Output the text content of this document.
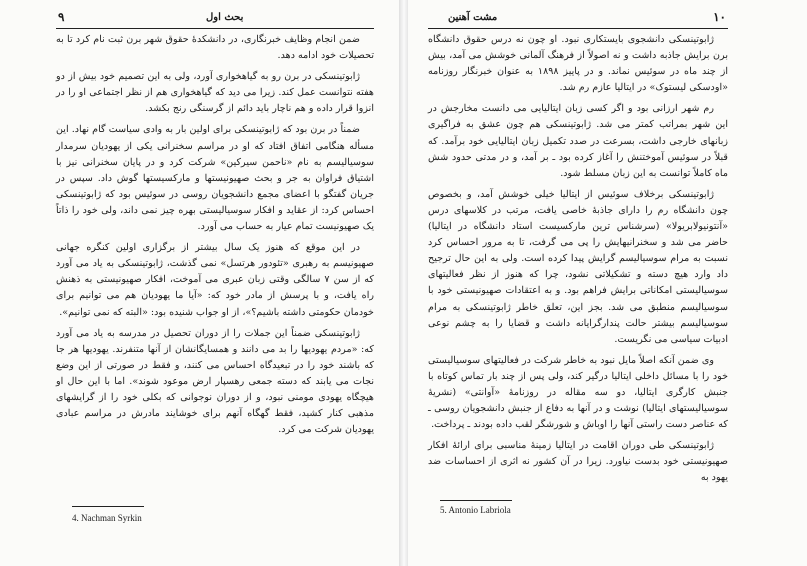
۹	بحث اول

ضمن انجام وظایف خبرنگاری، در دانشکدهٔ حقوق شهر برن ثبت نام کرد تا به تحصیلات خود ادامه دهد.

ژابوتینسکی در برن رو به گیاهخواری آورد، ولی به این تصمیم خود بیش از دو هفته نتوانست عمل کند. زیرا می دید که گیاهخواری هم از نظر اجتماعی او را در انزوا قرار داده و هم ناچار باید دائم از گرسنگی رنج بکشد.

ضمناً در برن بود که ژابوتینسکی برای اولین بار به وادی سیاست گام نهاد. این مسأله هنگامی اتفاق افتاد که او در مراسم سخنرانی یکی از یهودیان سرمدار سوسیالیسم به نام «ناحمن سیرکین» شرکت کرد و در پایان سخنرانی نیز با اشتیاق فراوان به جر و بحث صهیونیستها و مارکسیستها گوش داد. سپس در جریان گفتگو با اعضای مجمع دانشجویان روسی در سوئیس بود که ژابوتینسکی احساس کرد: از عقاید و افکار سوسیالیستی بهره چیز نمی داند، ولی خود را ذاتاً یک صهیونیست تمام عیار به حساب می آورد.

در این موقع که هنوز یک سال بیشتر از برگزاری اولین کنگره جهانی صهیونیسم به رهبری «تئودور هرتسل» نمی گذشت، ژابوتینسکی به یاد می آورد که از سن ۷ سالگی وقتی زبان عبری می آموخت، افکار صهیونیستی به ذهنش راه یافت، و با پرسش از مادر خود که: «آیا ما یهودیان هم می توانیم برای خودمان حکومتی داشته باشیم؟»، از او جواب شنیده بود: «البته که نمی توانیم».

ژابوتینسکی ضمناً این جملات را از دوران تحصیل در مدرسه به یاد می آورد که: «مردم یهودیها را بد می دانند و همسایگانشان از آنها متنفرند. یهودیها هر جا که باشند خود را در تبعیدگاه احساس می کنند، و فقط در صورتی از این وضع نجات می یابند که دسته جمعی رهسپار ارض موعود شوند». اما با این حال او هیچگاه یهودی مومنی نبود، و از دوران نوجوانی که بکلی خود را از گرایشهای مذهبی کنار کشید، فقط گهگاه آنهم برای خوشایند مادرش در مراسم عبادی یهودیان شرکت می کرد.

4. Nachman Syrkin
مشت آهنین	۱۰

ژابوتینسکی دانشجوی بایستکاری نبود. او چون نه درس حقوق دانشگاه برن برایش جاذبه داشت و نه اصولاً از فرهنگ آلمانی خوشش می آمد، بیش از چند ماه در سوئیس نماند. و در پاییز ۱۸۹۸ به عنوان خبرنگار روزنامه «اودسکی لیستوک» در ایتالیا عازم رم شد.

رم شهر ارزانی بود و اگر کسی زبان ایتالیایی می دانست مخارجش در این شهر بمراتب کمتر می شد. ژابوتینسکی هم چون عشق به فراگیری زبانهای خارجی داشت، بسرعت در صدد تکمیل زبان ایتالیایی خود برآمد. که قبلاً در سوئیس آموختنش را آغاز کرده بود ـ بر آمد، و در مدتی حدود شش ماه کاملاً توانست به این زبان مسلط شود.

ژابوتینسکی برخلاف سوئیس از ایتالیا خیلی خوشش آمد، و بخصوص چون دانشگاه رم را دارای جاذبهٔ خاصی یافت، مرتب در کلاسهای درس «آنتونیولابریولا» (سرشناس ترین مارکسیست استاد دانشگاه در ایتالیا) حاضر می شد و سخنرانیهایش را پی می گرفت، تا به مرور احساس کرد نسبت به مرام سوسیالیسم گرایش پیدا کرده است. ولی به این حال ترجیح داد وارد هیچ دسته و تشکیلاتی نشود، چرا که هنوز از نظر فعالیتهای سوسیالیستی امکاناتی برایش فراهم بود. و به اعتقادات صهیونیستی خود با سوسیالیسم منطبق می شد. بجز این، تعلق خاطر ژابوتینسکی به مرام سوسیالیسم بیشتر حالت پندارگرایانه داشت و قضایا را به چشم نوعی ادبیات سیاسی می نگریست.

وی ضمن آنکه اصلاً مایل نبود به خاطر شرکت در فعالیتهای سوسیالیستی خود را با مسائل داخلی ایتالیا درگیر کند، ولی پس از چند بار تماس کوتاه با جنبش کارگری ایتالیا، دو سه مقاله در روزنامهٔ «آوانتی» (نشریهٔ سوسیالیستهای ایتالیا) نوشت و در آنها به دفاع از جنبش دانشجویان روسی ـ که عناصر دست راستی آنها را اوباش و شورشگر لقب داده بودند ـ پرداخت.

ژابوتینسکی طی دوران اقامت در ایتالیا زمینهٔ مناسبی برای ارائهٔ افکار صهیونیستی خود بدست نیاورد. زیرا در آن کشور نه اثری از احساسات ضد یهود به

5. Antonio Labriola
